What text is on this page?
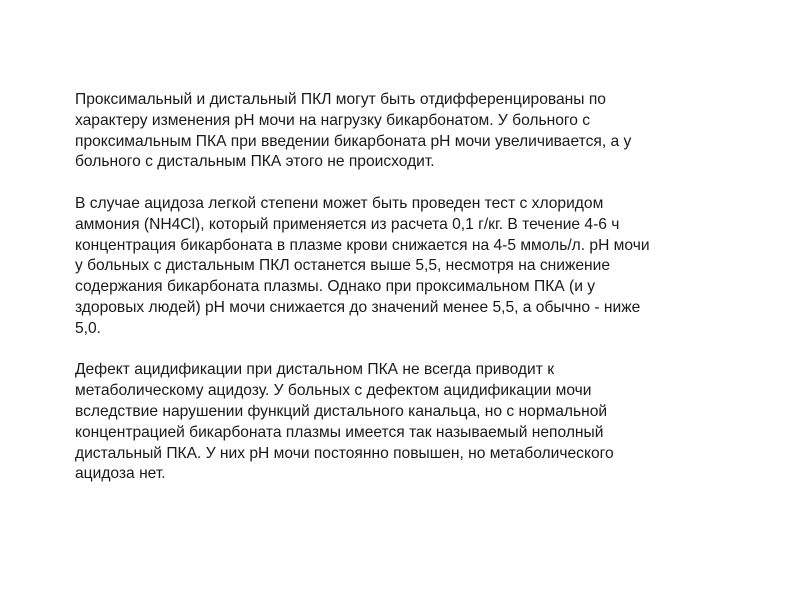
Проксимальный и дистальный ПКЛ могут быть отдифференцированы по
характеру изменения pH мочи на нагрузку бикарбонатом. У больного с
проксимальным ПКА при введении бикарбоната pH мочи увеличивается, а у
больного с дистальным ПКА этого не происходит.

В случае ацидоза легкой степени может быть проведен тест с хлоридом
аммония (NH4Cl), который применяется из расчета 0,1 г/кг. В течение 4-6 ч
концентрация бикарбоната в плазме крови снижается на 4-5 ммоль/л. pH мочи
у больных с дистальным ПКЛ останется выше 5,5, несмотря на снижение
содержания бикарбоната плазмы. Однако при проксимальном ПКА (и у
здоровых людей) pH мочи снижается до значений менее 5,5, а обычно - ниже
5,0.

Дефект ацидификации при дистальном ПКА не всегда приводит к
метаболическому ацидозу. У больных с дефектом ацидификации мочи
вследствие нарушении функций дистального канальца, но с нормальной
концентрацией бикарбоната плазмы имеется так называемый неполный
дистальный ПКА. У них pH мочи постоянно повышен, но метаболического
ацидоза нет.
